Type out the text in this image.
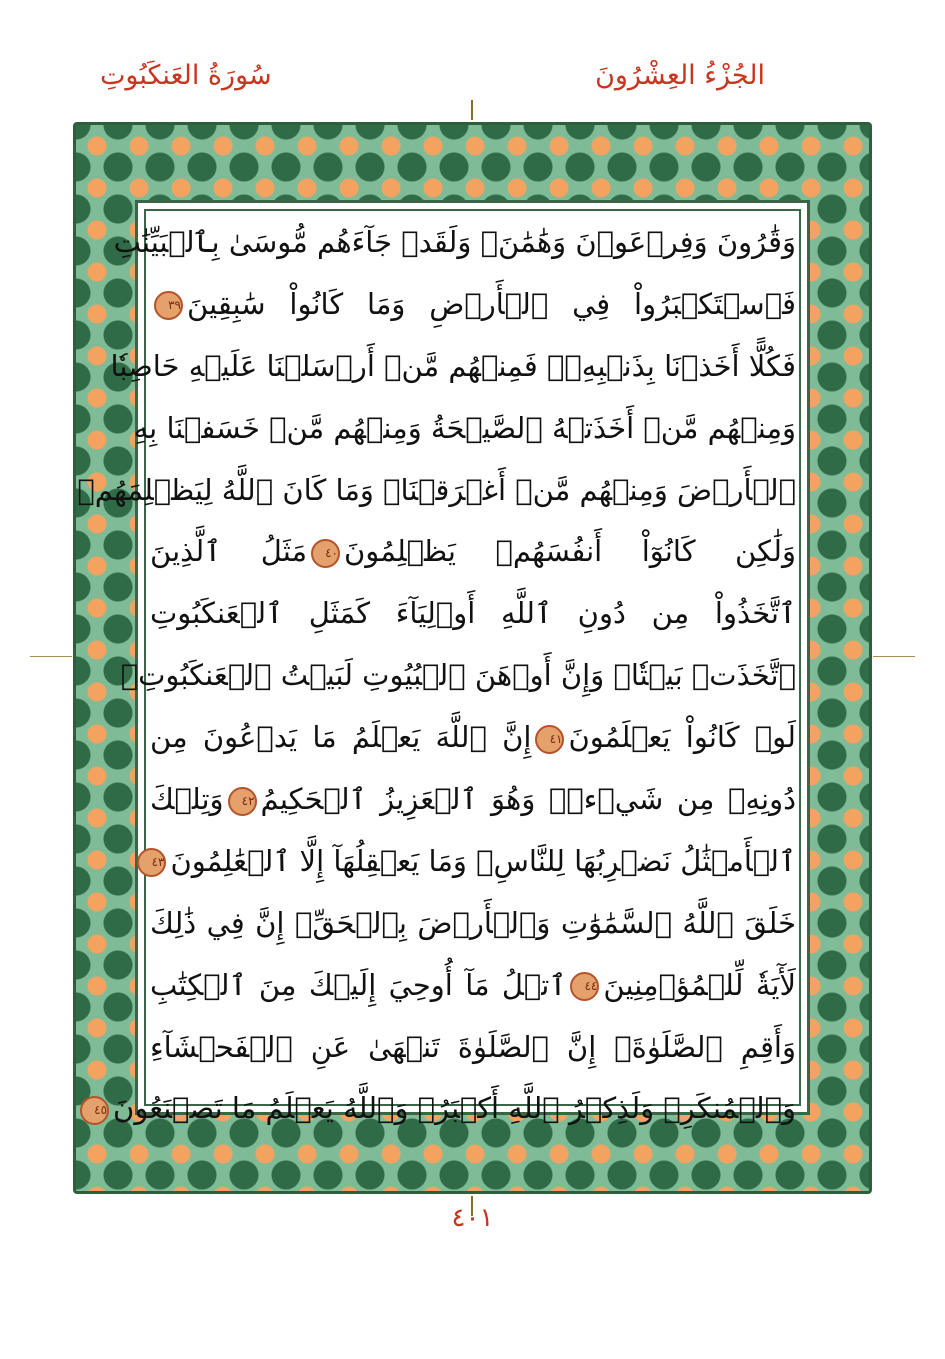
الجُزْءُ العِشْرُونَ
سُورَةُ العَنكَبُوتِ
وَقَٰرُونَ وَفِرۡعَوۡنَ وَهَٰمَٰنَۖ وَلَقَدۡ جَآءَهُم مُّوسَىٰ بِٱلۡبَيِّنَٰتِ
فَٱسۡتَكۡبَرُواْ فِي ٱلۡأَرۡضِ وَمَا كَانُواْ سَٰبِقِينَ٣٩
فَكُلًّا أَخَذۡنَا بِذَنۢبِهِۦۖ فَمِنۡهُم مَّنۡ أَرۡسَلۡنَا عَلَيۡهِ حَاصِبٗا
وَمِنۡهُم مَّنۡ أَخَذَتۡهُ ٱلصَّيۡحَةُ وَمِنۡهُم مَّنۡ خَسَفۡنَا بِهِ
ٱلۡأَرۡضَ وَمِنۡهُم مَّنۡ أَغۡرَقۡنَاۚ وَمَا كَانَ ٱللَّهُ لِيَظۡلِمَهُمۡ
وَلَٰكِن كَانُوٓاْ أَنفُسَهُمۡ يَظۡلِمُونَ٤٠مَثَلُ ٱلَّذِينَ
ٱتَّخَذُواْ مِن دُونِ ٱللَّهِ أَوۡلِيَآءَ كَمَثَلِ ٱلۡعَنكَبُوتِ
ٱتَّخَذَتۡ بَيۡتٗاۖ وَإِنَّ أَوۡهَنَ ٱلۡبُيُوتِ لَبَيۡتُ ٱلۡعَنكَبُوتِۚ
لَوۡ كَانُواْ يَعۡلَمُونَ٤١إِنَّ ٱللَّهَ يَعۡلَمُ مَا يَدۡعُونَ مِن
دُونِهِۦ مِن شَيۡءٖۚ وَهُوَ ٱلۡعَزِيزُ ٱلۡحَكِيمُ٤٢وَتِلۡكَ
ٱلۡأَمۡثَٰلُ نَضۡرِبُهَا لِلنَّاسِۖ وَمَا يَعۡقِلُهَآ إِلَّا ٱلۡعَٰلِمُونَ٤٣
خَلَقَ ٱللَّهُ ٱلسَّمَٰوَٰتِ وَٱلۡأَرۡضَ بِٱلۡحَقِّۚ إِنَّ فِي ذَٰلِكَ
لَأٓيَةٗ لِّلۡمُؤۡمِنِينَ٤٤ٱتۡلُ مَآ أُوحِيَ إِلَيۡكَ مِنَ ٱلۡكِتَٰبِ
وَأَقِمِ ٱلصَّلَوٰةَۖ إِنَّ ٱلصَّلَوٰةَ تَنۡهَىٰ عَنِ ٱلۡفَحۡشَآءِ
وَٱلۡمُنكَرِۗ وَلَذِكۡرُ ٱللَّهِ أَكۡبَرُۗ وَٱللَّهُ يَعۡلَمُ مَا تَصۡنَعُونَ٤٥
٤٠١
